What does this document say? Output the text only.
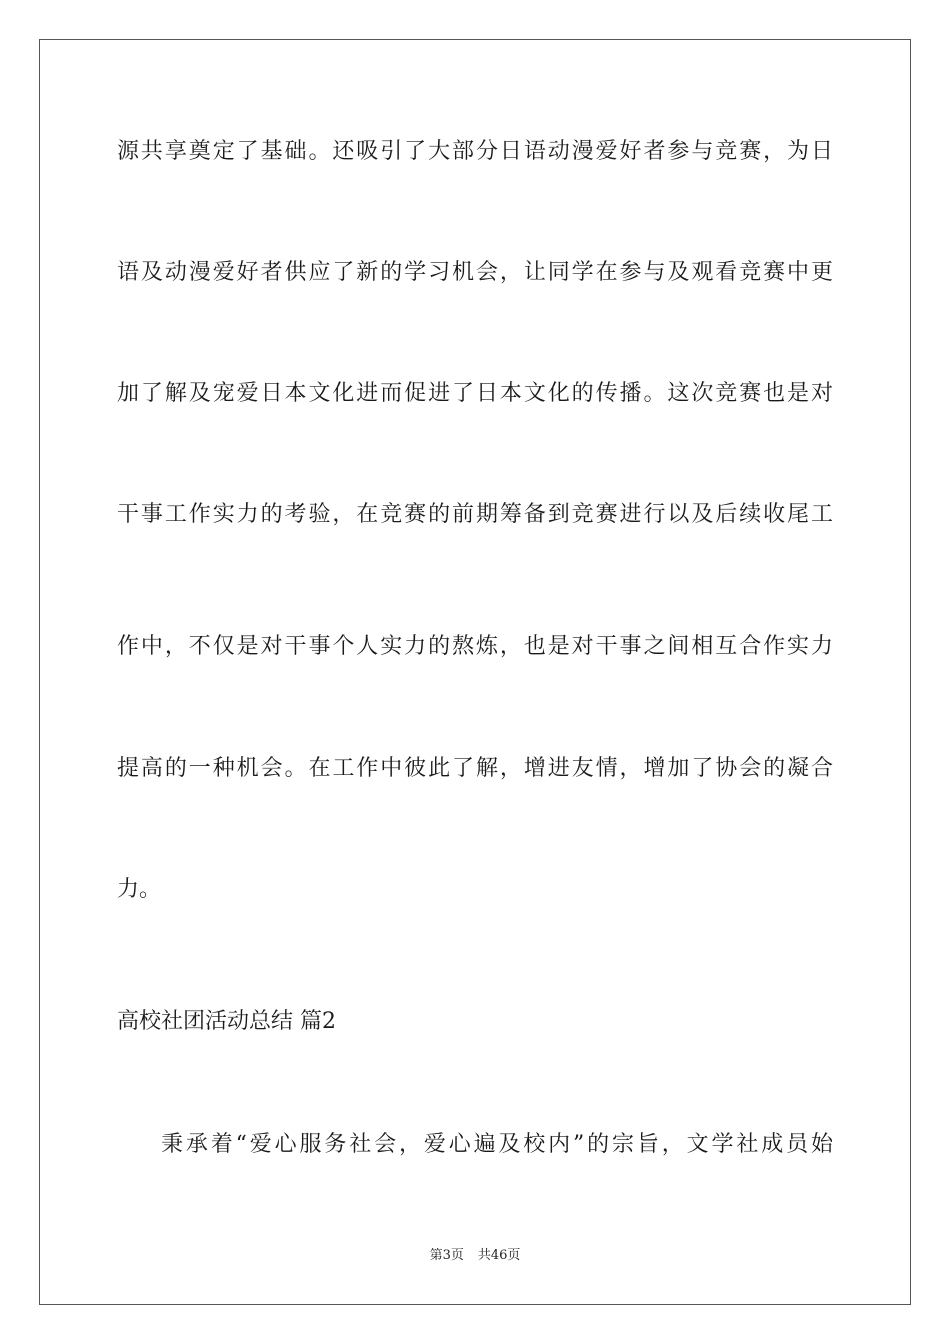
源共享奠定了基础。还吸引了大部分日语动漫爱好者参与竞赛，为日
语及动漫爱好者供应了新的学习机会，让同学在参与及观看竞赛中更
加了解及宠爱日本文化进而促进了日本文化的传播。这次竞赛也是对
干事工作实力的考验，在竞赛的前期筹备到竞赛进行以及后续收尾工
作中，不仅是对干事个人实力的熬炼，也是对干事之间相互合作实力
提高的一种机会。在工作中彼此了解，增进友情，增加了协会的凝合
力。
高校社团活动总结 篇2
秉承着“爱心服务社会，爱心遍及校内”的宗旨，文学社成员始
第3页 共46页
